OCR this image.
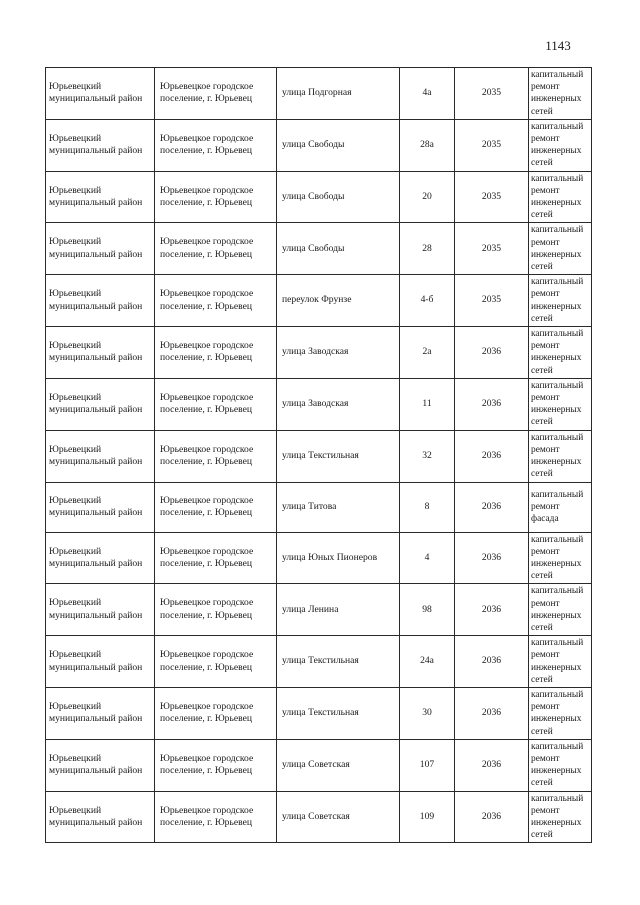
1143
Юрьевецкий муниципальный район	Юрьевецкое городское поселение, г. Юрьевец	улица Подгорная	4а	2035	капитальный ремонт инженерных сетей
Юрьевецкий муниципальный район	Юрьевецкое городское поселение, г. Юрьевец	улица Свободы	28а	2035	капитальный ремонт инженерных сетей
Юрьевецкий муниципальный район	Юрьевецкое городское поселение, г. Юрьевец	улица Свободы	20	2035	капитальный ремонт инженерных сетей
Юрьевецкий муниципальный район	Юрьевецкое городское поселение, г. Юрьевец	улица Свободы	28	2035	капитальный ремонт инженерных сетей
Юрьевецкий муниципальный район	Юрьевецкое городское поселение, г. Юрьевец	переулок Фрунзе	4-б	2035	капитальный ремонт инженерных сетей
Юрьевецкий муниципальный район	Юрьевецкое городское поселение, г. Юрьевец	улица Заводская	2а	2036	капитальный ремонт инженерных сетей
Юрьевецкий муниципальный район	Юрьевецкое городское поселение, г. Юрьевец	улица Заводская	11	2036	капитальный ремонт инженерных сетей
Юрьевецкий муниципальный район	Юрьевецкое городское поселение, г. Юрьевец	улица Текстильная	32	2036	капитальный ремонт инженерных сетей
Юрьевецкий муниципальный район	Юрьевецкое городское поселение, г. Юрьевец	улица Титова	8	2036	капитальный ремонт фасада
Юрьевецкий муниципальный район	Юрьевецкое городское поселение, г. Юрьевец	улица Юных Пионеров	4	2036	капитальный ремонт инженерных сетей
Юрьевецкий муниципальный район	Юрьевецкое городское поселение, г. Юрьевец	улица Ленина	98	2036	капитальный ремонт инженерных сетей
Юрьевецкий муниципальный район	Юрьевецкое городское поселение, г. Юрьевец	улица Текстильная	24а	2036	капитальный ремонт инженерных сетей
Юрьевецкий муниципальный район	Юрьевецкое городское поселение, г. Юрьевец	улица Текстильная	30	2036	капитальный ремонт инженерных сетей
Юрьевецкий муниципальный район	Юрьевецкое городское поселение, г. Юрьевец	улица Советская	107	2036	капитальный ремонт инженерных сетей
Юрьевецкий муниципальный район	Юрьевецкое городское поселение, г. Юрьевец	улица Советская	109	2036	капитальный ремонт инженерных сетей
